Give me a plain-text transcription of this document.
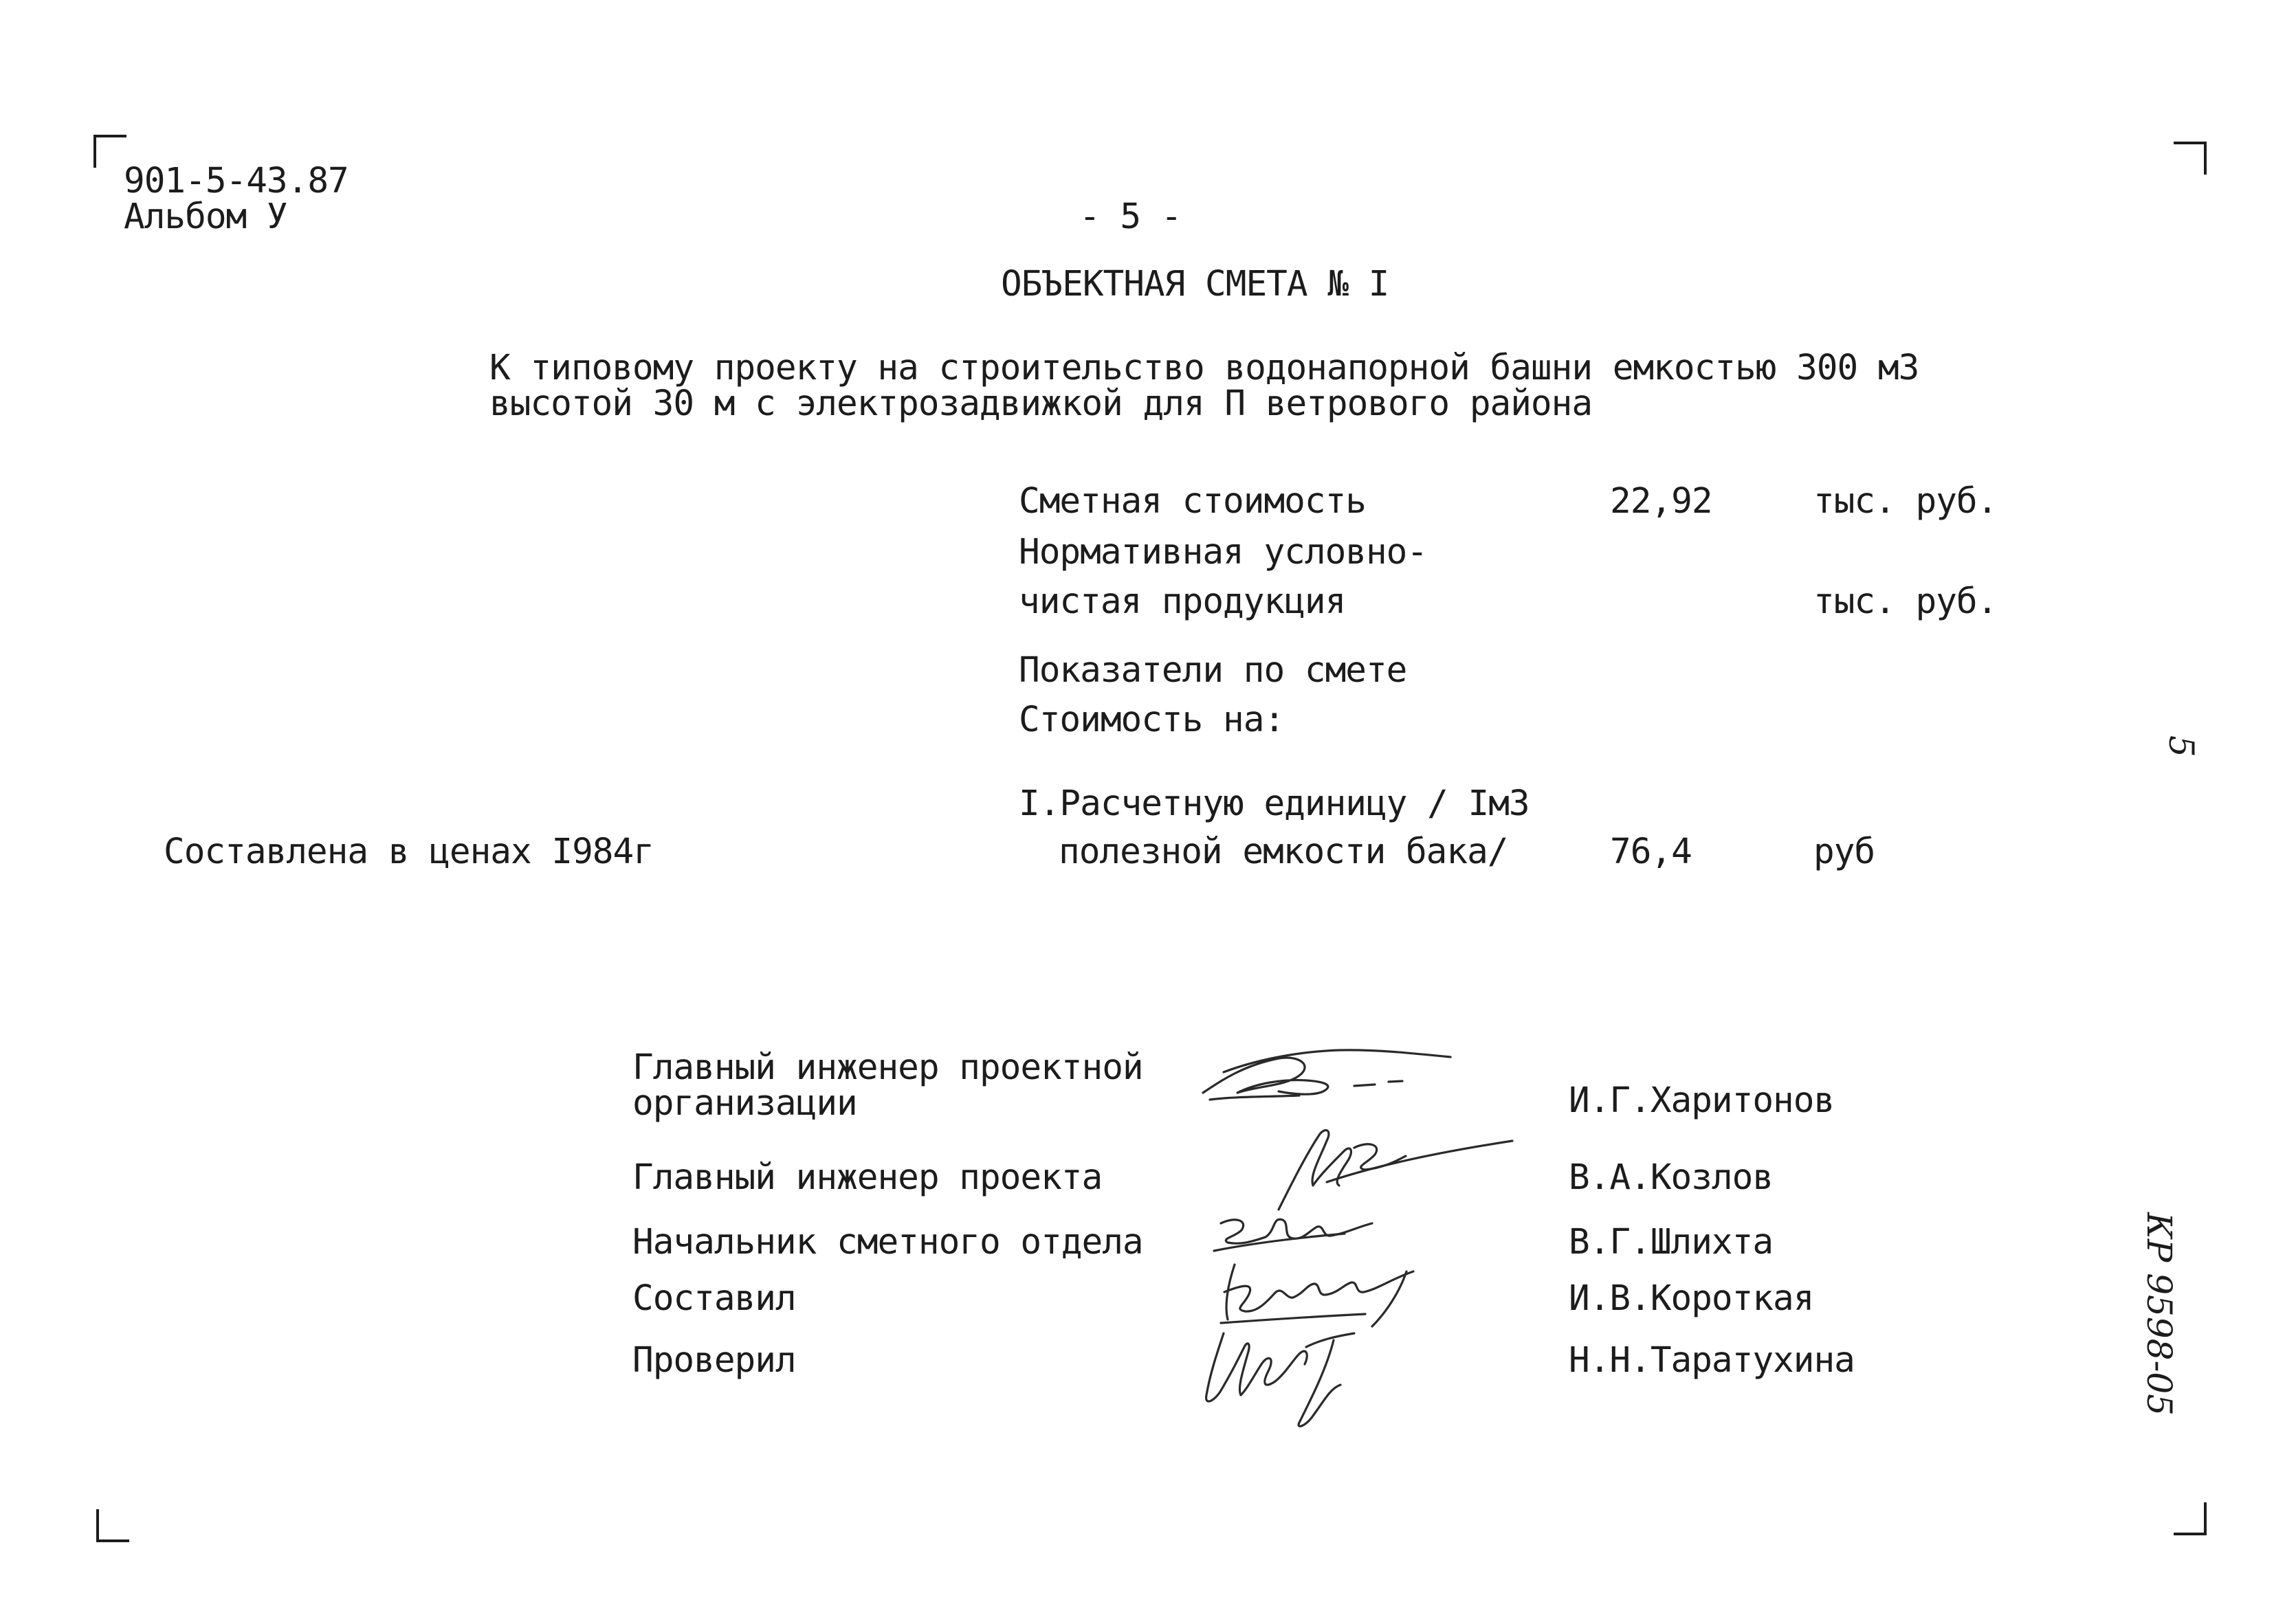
901-5-43.87
Альбом У	- 5 -
ОБЪЕКТНАЯ СМЕТА № I
К типовому проекту на строительство водонапорной башни емкостью 300 м3
высотой 30 м с электрозадвижкой для П ветрового района
Сметная стоимость	22,92	тыс. руб.
Нормативная условно-
чистая продукция	тыс. руб.
Показатели по смете
Стоимость на:
I.Расчетную единицу / Iм3
полезной емкости бака/	76,4	руб
Составлена в ценах I984г
Главный инженер проектной
организации	И.Г.Харитонов
Главный инженер проекта	В.А.Козлов
Начальник сметного отдела	В.Г.Шлихта
Составил	И.В.Короткая
Проверил	Н.Н.Таратухина
5
КР 9598-05
